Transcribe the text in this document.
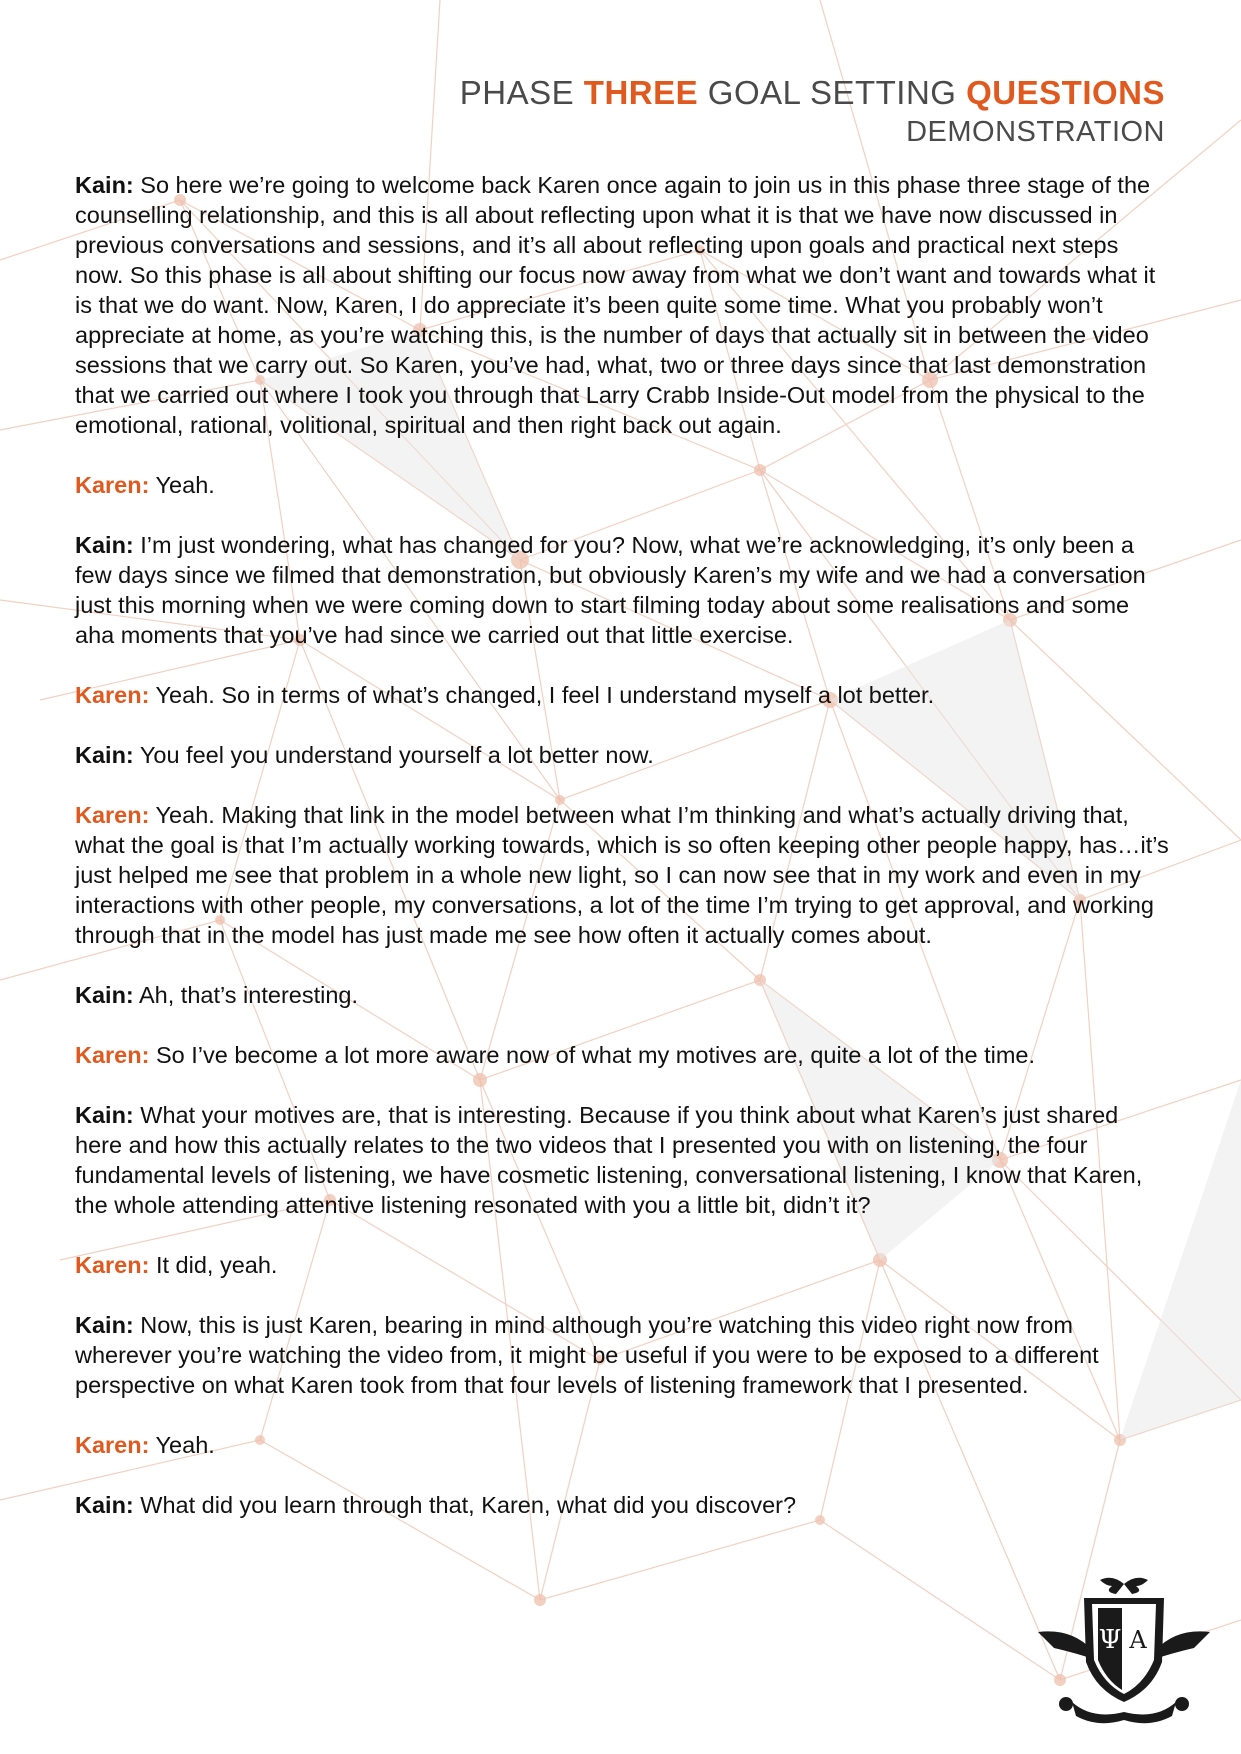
PHASE THREE GOAL SETTING QUESTIONS
DEMONSTRATION

Kain: So here we’re going to welcome back Karen once again to join us in this phase three stage of the counselling relationship, and this is all about reflecting upon what it is that we have now discussed in previous conversations and sessions, and it’s all about reflecting upon goals and practical next steps now. So this phase is all about shifting our focus now away from what we don’t want and towards what it is that we do want. Now, Karen, I do appreciate it’s been quite some time. What you probably won’t appreciate at home, as you’re watching this, is the number of days that actually sit in between the video sessions that we carry out. So Karen, you’ve had, what, two or three days since that last demonstration that we carried out where I took you through that Larry Crabb Inside-Out model from the physical to the emotional, rational, volitional, spiritual and then right back out again.

Karen: Yeah.

Kain: I’m just wondering, what has changed for you? Now, what we’re acknowledging, it’s only been a few days since we filmed that demonstration, but obviously Karen’s my wife and we had a conversation just this morning when we were coming down to start filming today about some realisations and some aha moments that you’ve had since we carried out that little exercise.

Karen: Yeah. So in terms of what’s changed, I feel I understand myself a lot better.

Kain: You feel you understand yourself a lot better now.

Karen: Yeah. Making that link in the model between what I’m thinking and what’s actually driving that, what the goal is that I’m actually working towards, which is so often keeping other people happy, has…it’s just helped me see that problem in a whole new light, so I can now see that in my work and even in my interactions with other people, my conversations, a lot of the time I’m trying to get approval, and working through that in the model has just made me see how often it actually comes about.

Kain: Ah, that’s interesting.

Karen: So I’ve become a lot more aware now of what my motives are, quite a lot of the time.

Kain: What your motives are, that is interesting. Because if you think about what Karen’s just shared here and how this actually relates to the two videos that I presented you with on listening, the four fundamental levels of listening, we have cosmetic listening, conversational listening, I know that Karen, the whole attending attentive listening resonated with you a little bit, didn’t it?

Karen: It did, yeah.

Kain: Now, this is just Karen, bearing in mind although you’re watching this video right now from wherever you’re watching the video from, it might be useful if you were to be exposed to a different perspective on what Karen took from that four levels of listening framework that I presented.

Karen: Yeah.

Kain: What did you learn through that, Karen, what did you discover?

Ψ A
